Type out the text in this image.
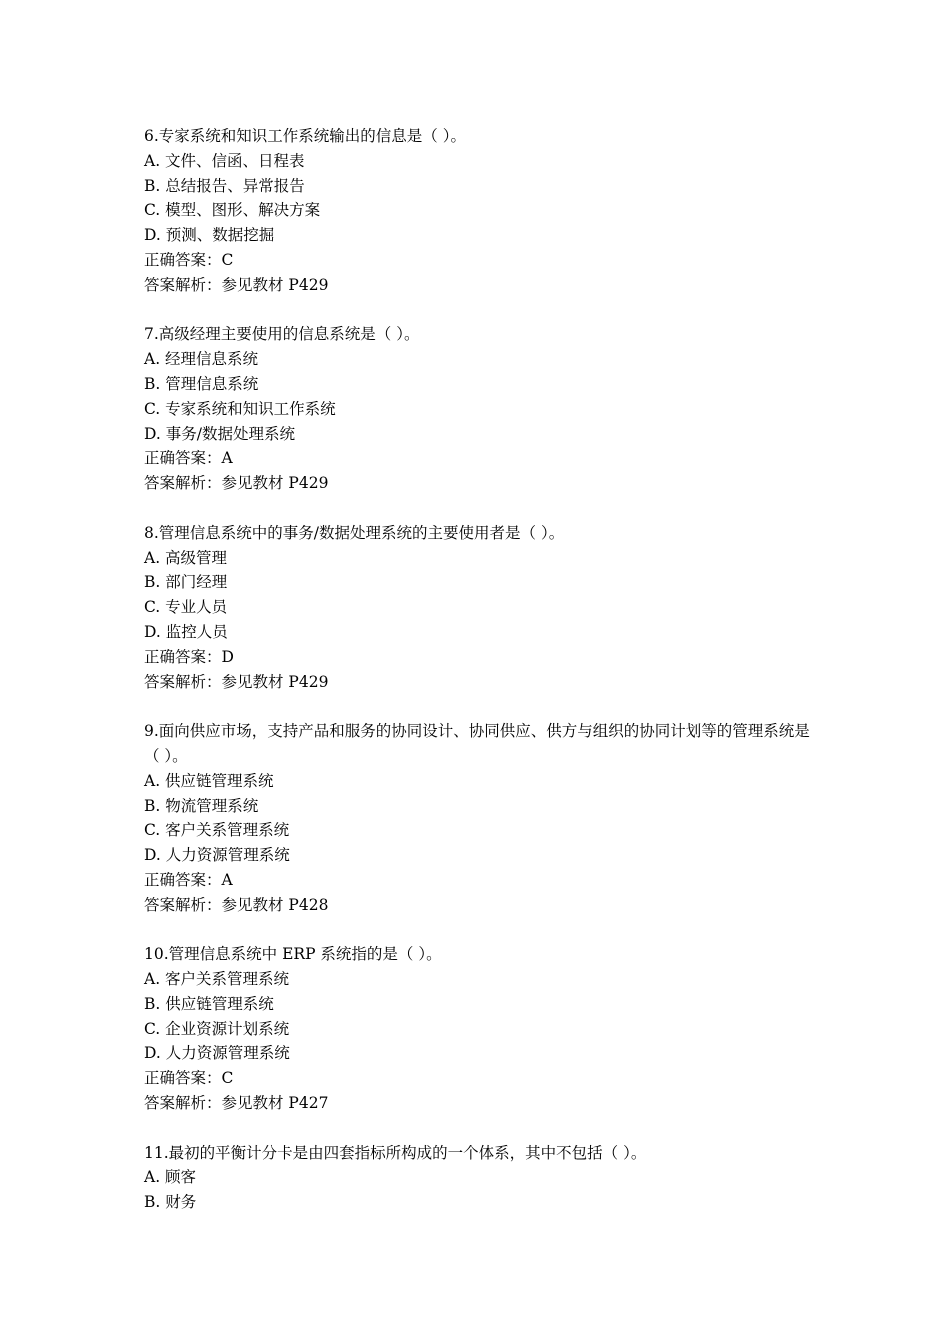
6.专家系统和知识工作系统输出的信息是（ ）。
A. 文件、信函、日程表
B. 总结报告、异常报告
C. 模型、图形、解决方案
D. 预测、数据挖掘
正确答案：C
答案解析：参见教材 P429
7.高级经理主要使用的信息系统是（ ）。
A. 经理信息系统
B. 管理信息系统
C. 专家系统和知识工作系统
D. 事务/数据处理系统
正确答案：A
答案解析：参见教材 P429
8.管理信息系统中的事务/数据处理系统的主要使用者是（ ）。
A. 高级管理
B. 部门经理
C. 专业人员
D. 监控人员
正确答案：D
答案解析：参见教材 P429
9.面向供应市场，支持产品和服务的协同设计、协同供应、供方与组织的协同计划等的管理系统是（ ）。
A. 供应链管理系统
B. 物流管理系统
C. 客户关系管理系统
D. 人力资源管理系统
正确答案：A
答案解析：参见教材 P428
10.管理信息系统中 ERP 系统指的是（ ）。
A. 客户关系管理系统
B. 供应链管理系统
C. 企业资源计划系统
D. 人力资源管理系统
正确答案：C
答案解析：参见教材 P427
11.最初的平衡计分卡是由四套指标所构成的一个体系，其中不包括（ ）。
A. 顾客
B. 财务
